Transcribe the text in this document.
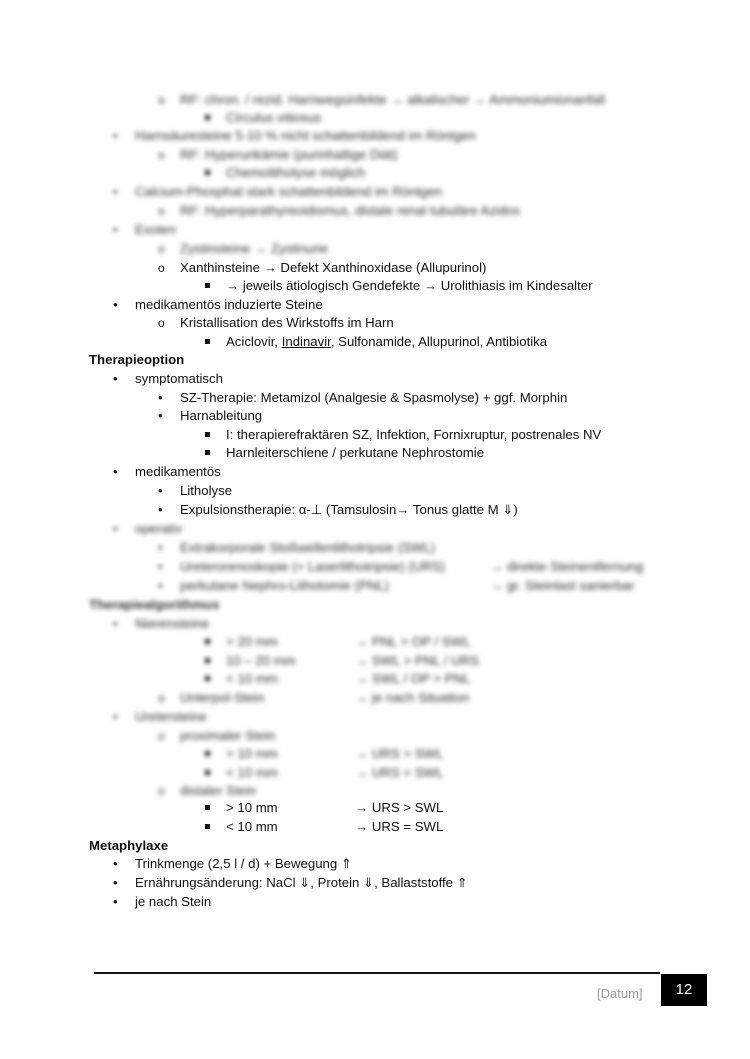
o RF: chron. / rezid. Harnwegsinfekte → alkalischer → Ammoniumionanfall
Circulus vitiosus
• Harnsäuresteine 5-10 % nicht schattenbildend im Röntgen
o RF: Hyperurikämie (purinhaltige Diät)
Chemolitholyse möglich
• Calcium-Phosphat stark schattenbildend im Röntgen
o RF: Hyperparathyreoidismus, distale renal tubuläre Azidos
• Exoten
o Zystinsteine → Zystinurie
o Xanthinsteine → Defekt Xanthinoxidase (Allupurinol)
→ jeweils ätiologisch Gendefekte → Urolithiasis im Kindesalter
• medikamentös induzierte Steine
o Kristallisation des Wirkstoffs im Harn
Aciclovir, Indinavir, Sulfonamide, Allupurinol, Antibiotika
Therapieoption
• symptomatisch
• SZ-Therapie: Metamizol (Analgesie & Spasmolyse) + ggf. Morphin
• Harnableitung
I: therapierefraktären SZ, Infektion, Fornixruptur, postrenales NV
Harnleiterschiene / perkutane Nephrostomie
• medikamentös
• Litholyse
• Expulsionstherapie: α-⊥ (Tamsulosin→ Tonus glatte M ⇓)
• operativ
• Extrakorporale Stoßwellenlithotripsie (SWL)
• Ureterorenoskopie (+ Laserlithotripsie) (URS)	→ direkte Steinentfernung
• perkutane Nephro-Lithotomie (PNL)	→ gr. Steinlast sanierbar
Therapiealgorithmus
• Nierensteine
> 20 mm	→ PNL > OP / SWL
10 – 20 mm	→ SWL > PNL / URS
< 10 mm	→ SWL / OP > PNL
o Unterpol-Stein	→ je nach Situation
• Uretersteine
o proximaler Stein
> 10 mm	→ URS > SWL
< 10 mm	→ URS = SWL
o distaler Stein
> 10 mm	→ URS > SWL
< 10 mm	→ URS = SWL
Metaphylaxe
• Trinkmenge (2,5 l / d) + Bewegung ⇑
• Ernährungsänderung: NaCl ⇓, Protein ⇓, Ballaststoffe ⇑
• je nach Stein
[Datum]	12
